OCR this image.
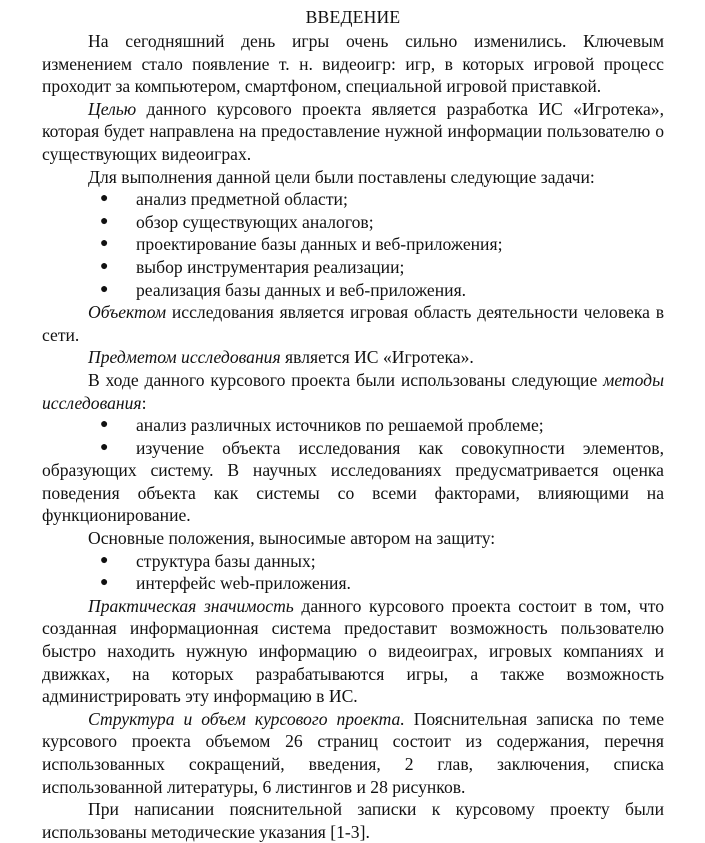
ВВЕДЕНИЕ

На сегодняшний день игры очень сильно изменились. Ключевым изменением стало появление т. н. видеоигр: игр, в которых игровой процесс проходит за компьютером, смартфоном, специальной игровой приставкой.

Целью данного курсового проекта является разработка ИС «Игротека», которая будет направлена на предоставление нужной информации пользователю о существующих видеоиграх.

Для выполнения данной цели были поставлены следующие задачи:

● анализ предметной области;
● обзор существующих аналогов;
● проектирование базы данных и веб-приложения;
● выбор инструментария реализации;
● реализация базы данных и веб-приложения.

Объектом исследования является игровая область деятельности человека в сети.

Предметом исследования является ИС «Игротека».

В ходе данного курсового проекта были использованы следующие методы исследования:

● анализ различных источников по решаемой проблеме;
● изучение объекта исследования как совокупности элементов, образующих систему. В научных исследованиях предусматривается оценка поведения объекта как системы со всеми факторами, влияющими на функционирование.

Основные положения, выносимые автором на защиту:

● структура базы данных;
● интерфейс web-приложения.

Практическая значимость данного курсового проекта состоит в том, что созданная информационная система предоставит возможность пользователю быстро находить нужную информацию о видеоиграх, игровых компаниях и движках, на которых разрабатываются игры, а также возможность администрировать эту информацию в ИС.

Структура и объем курсового проекта. Пояснительная записка по теме курсового проекта объемом 26 страниц состоит из содержания, перечня использованных сокращений, введения, 2 глав, заключения, списка использованной литературы, 6 листингов и 28 рисунков.

При написании пояснительной записки к курсовому проекту были использованы методические указания [1-3].
